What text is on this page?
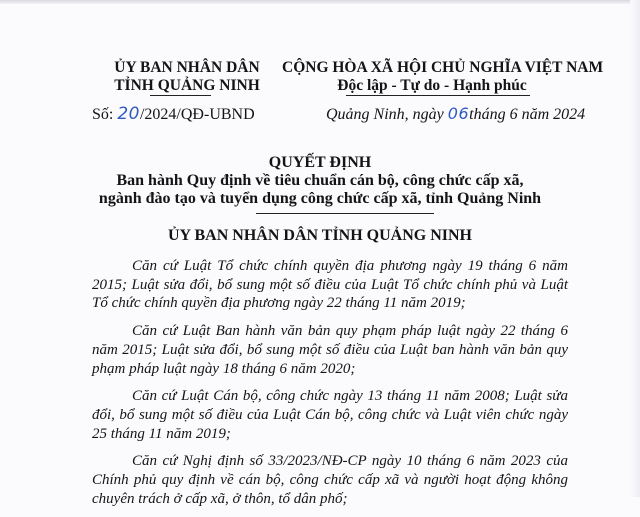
ỦY BAN NHÂN DÂN
TỈNH QUẢNG NINH
Số: 20/2024/QĐ-UBND
CỘNG HÒA XÃ HỘI CHỦ NGHĨA VIỆT NAM
Độc lập - Tự do - Hạnh phúc
Quảng Ninh, ngày 06tháng 6 năm 2024
QUYẾT ĐỊNH
Ban hành Quy định về tiêu chuẩn cán bộ, công chức cấp xã,
ngành đào tạo và tuyển dụng công chức cấp xã, tỉnh Quảng Ninh
ỦY BAN NHÂN DÂN TỈNH QUẢNG NINH

Căn cứ Luật Tổ chức chính quyền địa phương ngày 19 tháng 6 năm 2015; Luật sửa đổi, bổ sung một số điều của Luật Tổ chức chính phủ và Luật Tổ chức chính quyền địa phương ngày 22 tháng 11 năm 2019;

Căn cứ Luật Ban hành văn bản quy phạm pháp luật ngày 22 tháng 6 năm 2015; Luật sửa đổi, bổ sung một số điều của Luật ban hành văn bản quy phạm pháp luật ngày 18 tháng 6 năm 2020;

Căn cứ Luật Cán bộ, công chức ngày 13 tháng 11 năm 2008; Luật sửa đổi, bổ sung một số điều của Luật Cán bộ, công chức và Luật viên chức ngày 25 tháng 11 năm 2019;

Căn cứ Nghị định số 33/2023/NĐ-CP ngày 10 tháng 6 năm 2023 của Chính phủ quy định về cán bộ, công chức cấp xã và người hoạt động không chuyên trách ở cấp xã, ở thôn, tổ dân phố;
